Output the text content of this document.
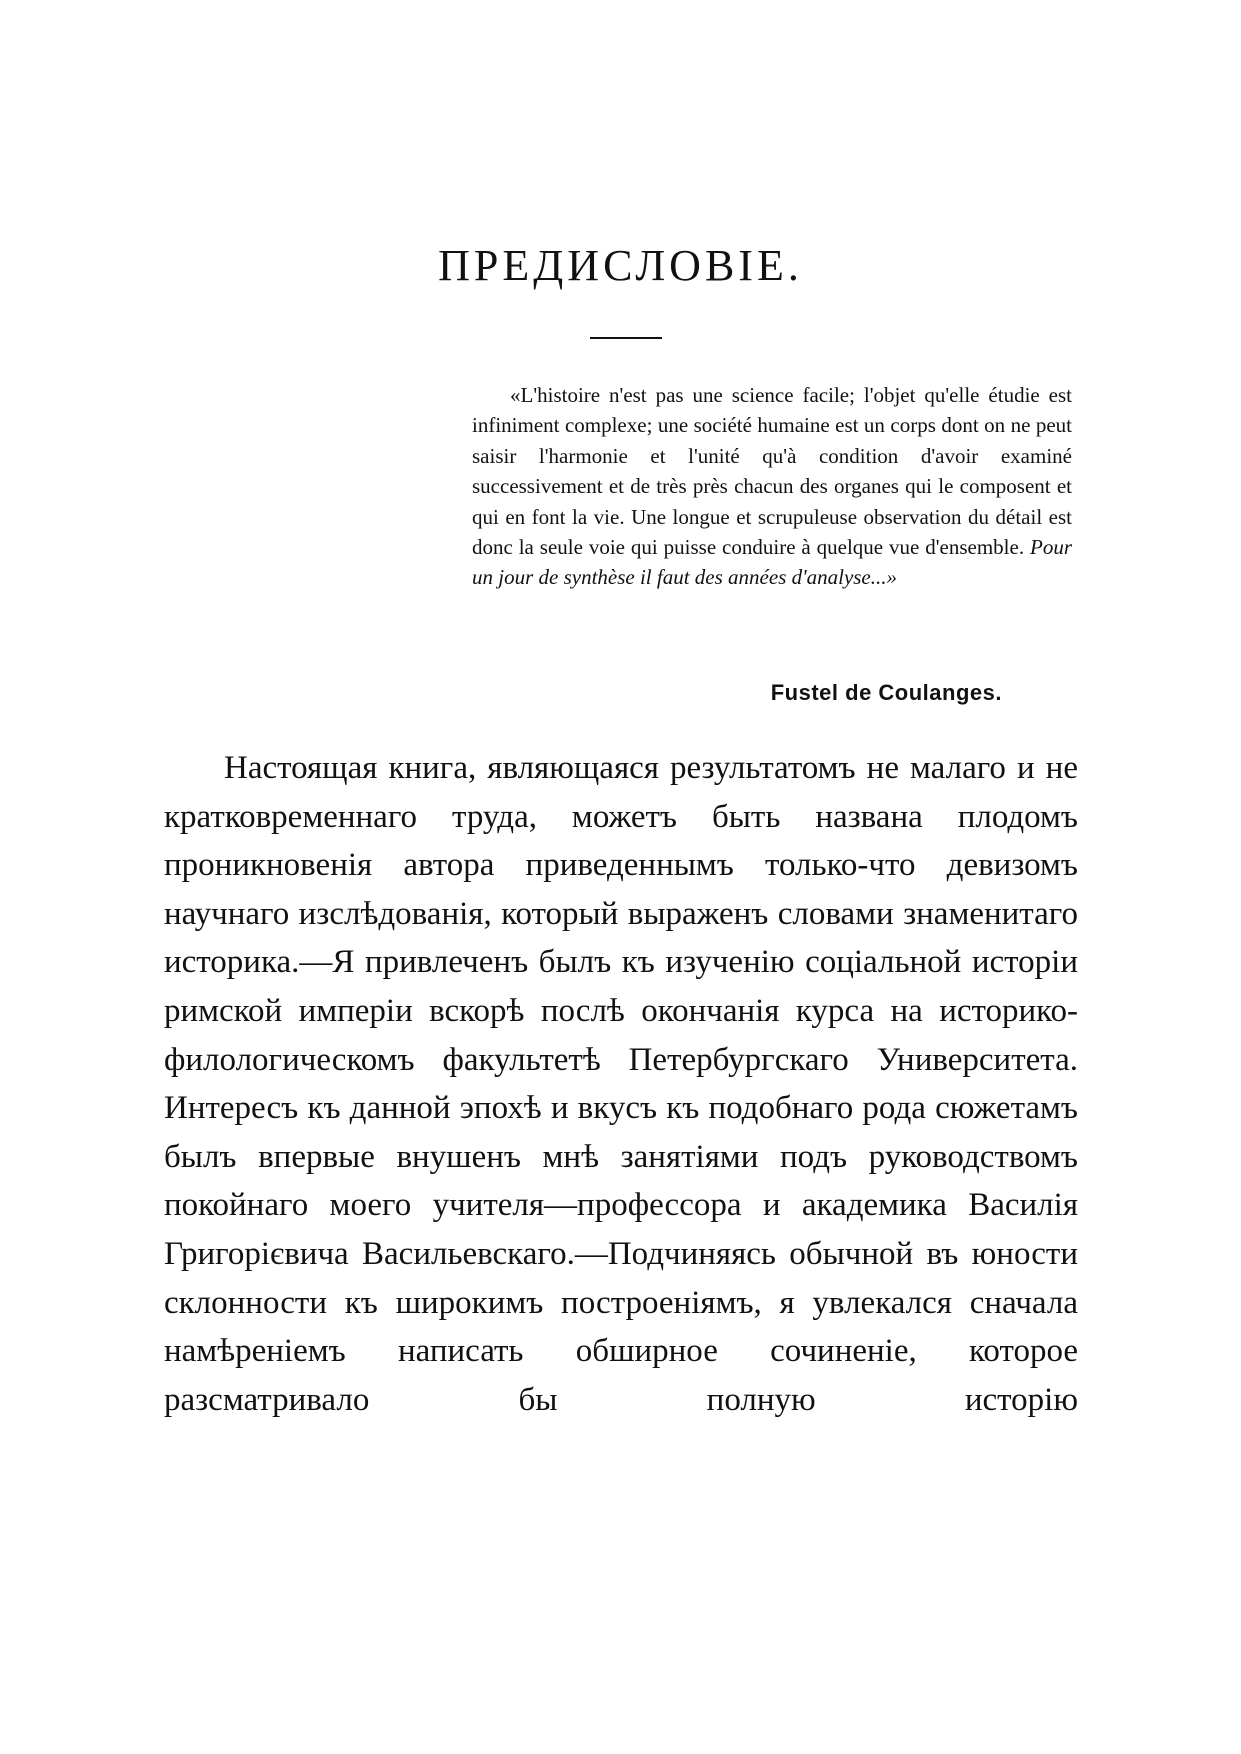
ПРЕДИСЛОВІЕ.

«L'histoire n'est pas une science facile; l'objet qu'elle étudie est infiniment complexe; une société humaine est un corps dont on ne peut saisir l'harmonie et l'unité qu'à condition d'avoir examiné successivement et de très près chacun des organes qui le composent et qui en font la vie. Une longue et scrupuleuse observation du détail est donc la seule voie qui puisse conduire à quelque vue d'ensemble. Pour un jour de synthèse il faut des années d'analyse...»

Fustel de Coulanges.

Настоящая книга, являющаяся результатомъ не малаго и не кратковременнаго труда, можетъ быть названа плодомъ проникновенія автора приведеннымъ только-что девизомъ научнаго изслѣдованія, который выраженъ словами знаменитаго историка.—Я привлеченъ былъ къ изученію соціальной исторіи римской имперіи вскорѣ послѣ окончанія курса на историко-филологическомъ факультетѣ Петербургскаго Университета. Интересъ къ данной эпохѣ и вкусъ къ подобнаго рода сюжетамъ былъ впервые внушенъ мнѣ занятіями подъ руководствомъ покойнаго моего учителя—профессора и академика Василія Григорієвича Васильевскаго.—Подчиняясь обычной въ юности склонности къ широкимъ построеніямъ, я увлекался сначала намѣреніемъ написать обширное сочиненіе, которое разсматривало бы полную исторію
